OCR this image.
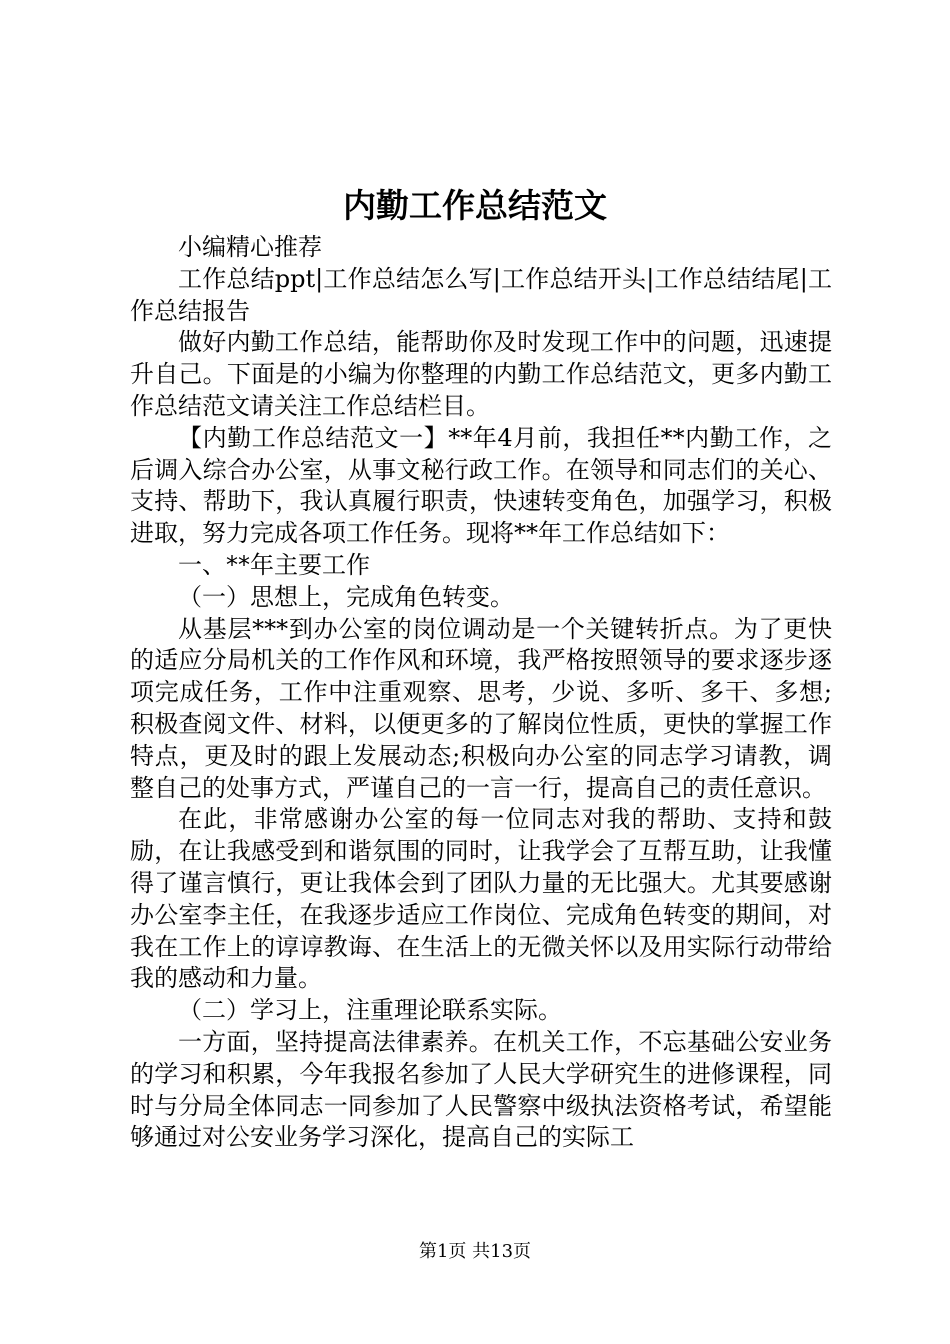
内勤工作总结范文

小编精心推荐

工作总结ppt|工作总结怎么写|工作总结开头|工作总结结尾|工作总结报告

做好内勤工作总结，能帮助你及时发现工作中的问题，迅速提升自己。下面是的小编为你整理的内勤工作总结范文，更多内勤工作总结范文请关注工作总结栏目。

【内勤工作总结范文一】**年4月前，我担任**内勤工作，之后调入综合办公室，从事文秘行政工作。在领导和同志们的关心、支持、帮助下，我认真履行职责，快速转变角色，加强学习，积极进取，努力完成各项工作任务。现将**年工作总结如下：

一、**年主要工作

（一）思想上，完成角色转变。

从基层***到办公室的岗位调动是一个关键转折点。为了更快的适应分局机关的工作作风和环境，我严格按照领导的要求逐步逐项完成任务，工作中注重观察、思考，少说、多听、多干、多想;积极查阅文件、材料，以便更多的了解岗位性质，更快的掌握工作特点，更及时的跟上发展动态;积极向办公室的同志学习请教，调整自己的处事方式，严谨自己的一言一行，提高自己的责任意识。

在此，非常感谢办公室的每一位同志对我的帮助、支持和鼓励，在让我感受到和谐氛围的同时，让我学会了互帮互助，让我懂得了谨言慎行，更让我体会到了团队力量的无比强大。尤其要感谢办公室李主任，在我逐步适应工作岗位、完成角色转变的期间，对我在工作上的谆谆教诲、在生活上的无微关怀以及用实际行动带给我的感动和力量。

（二）学习上，注重理论联系实际。

一方面，坚持提高法律素养。在机关工作，不忘基础公安业务的学习和积累，今年我报名参加了人民大学研究生的进修课程，同时与分局全体同志一同参加了人民警察中级执法资格考试，希望能够通过对公安业务学习深化，提高自己的实际工

第1页 共13页
